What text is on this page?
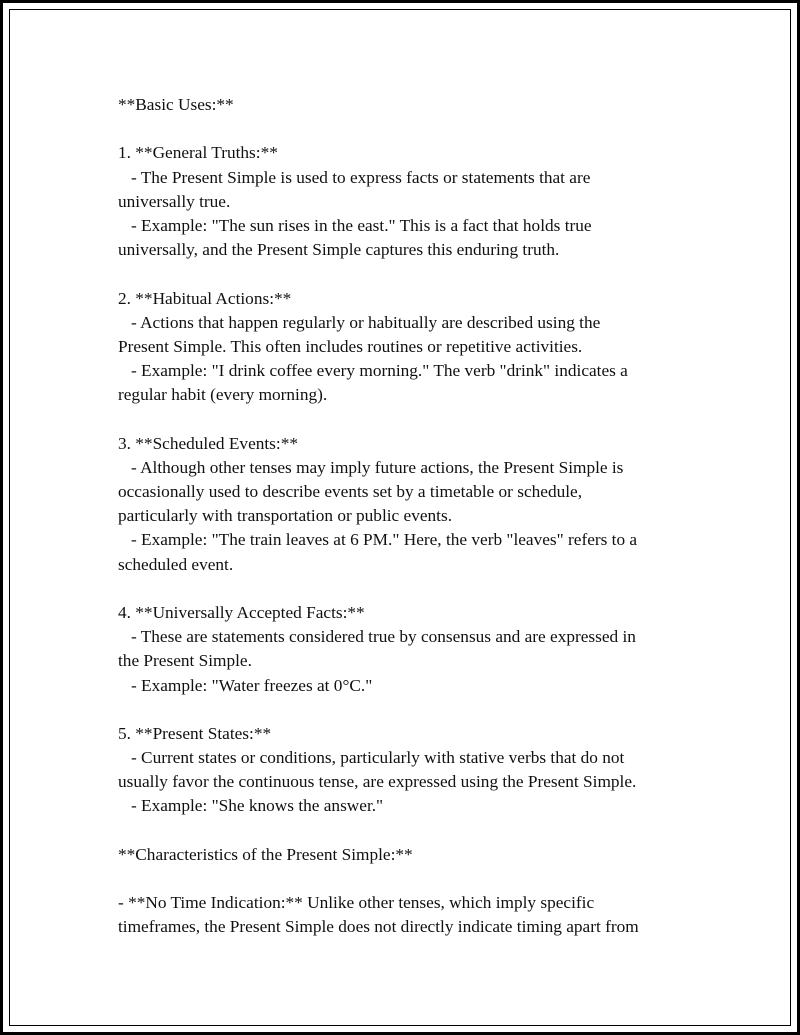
**Basic Uses:**
1. **General Truths:**
- The Present Simple is used to express facts or statements that are
universally true.
- Example: "The sun rises in the east." This is a fact that holds true
universally, and the Present Simple captures this enduring truth.
2. **Habitual Actions:**
- Actions that happen regularly or habitually are described using the
Present Simple. This often includes routines or repetitive activities.
- Example: "I drink coffee every morning." The verb "drink" indicates a
regular habit (every morning).
3. **Scheduled Events:**
- Although other tenses may imply future actions, the Present Simple is
occasionally used to describe events set by a timetable or schedule,
particularly with transportation or public events.
- Example: "The train leaves at 6 PM." Here, the verb "leaves" refers to a
scheduled event.
4. **Universally Accepted Facts:**
- These are statements considered true by consensus and are expressed in
the Present Simple.
- Example: "Water freezes at 0°C."
5. **Present States:**
- Current states or conditions, particularly with stative verbs that do not
usually favor the continuous tense, are expressed using the Present Simple.
- Example: "She knows the answer."
**Characteristics of the Present Simple:**
- **No Time Indication:** Unlike other tenses, which imply specific
timeframes, the Present Simple does not directly indicate timing apart from
